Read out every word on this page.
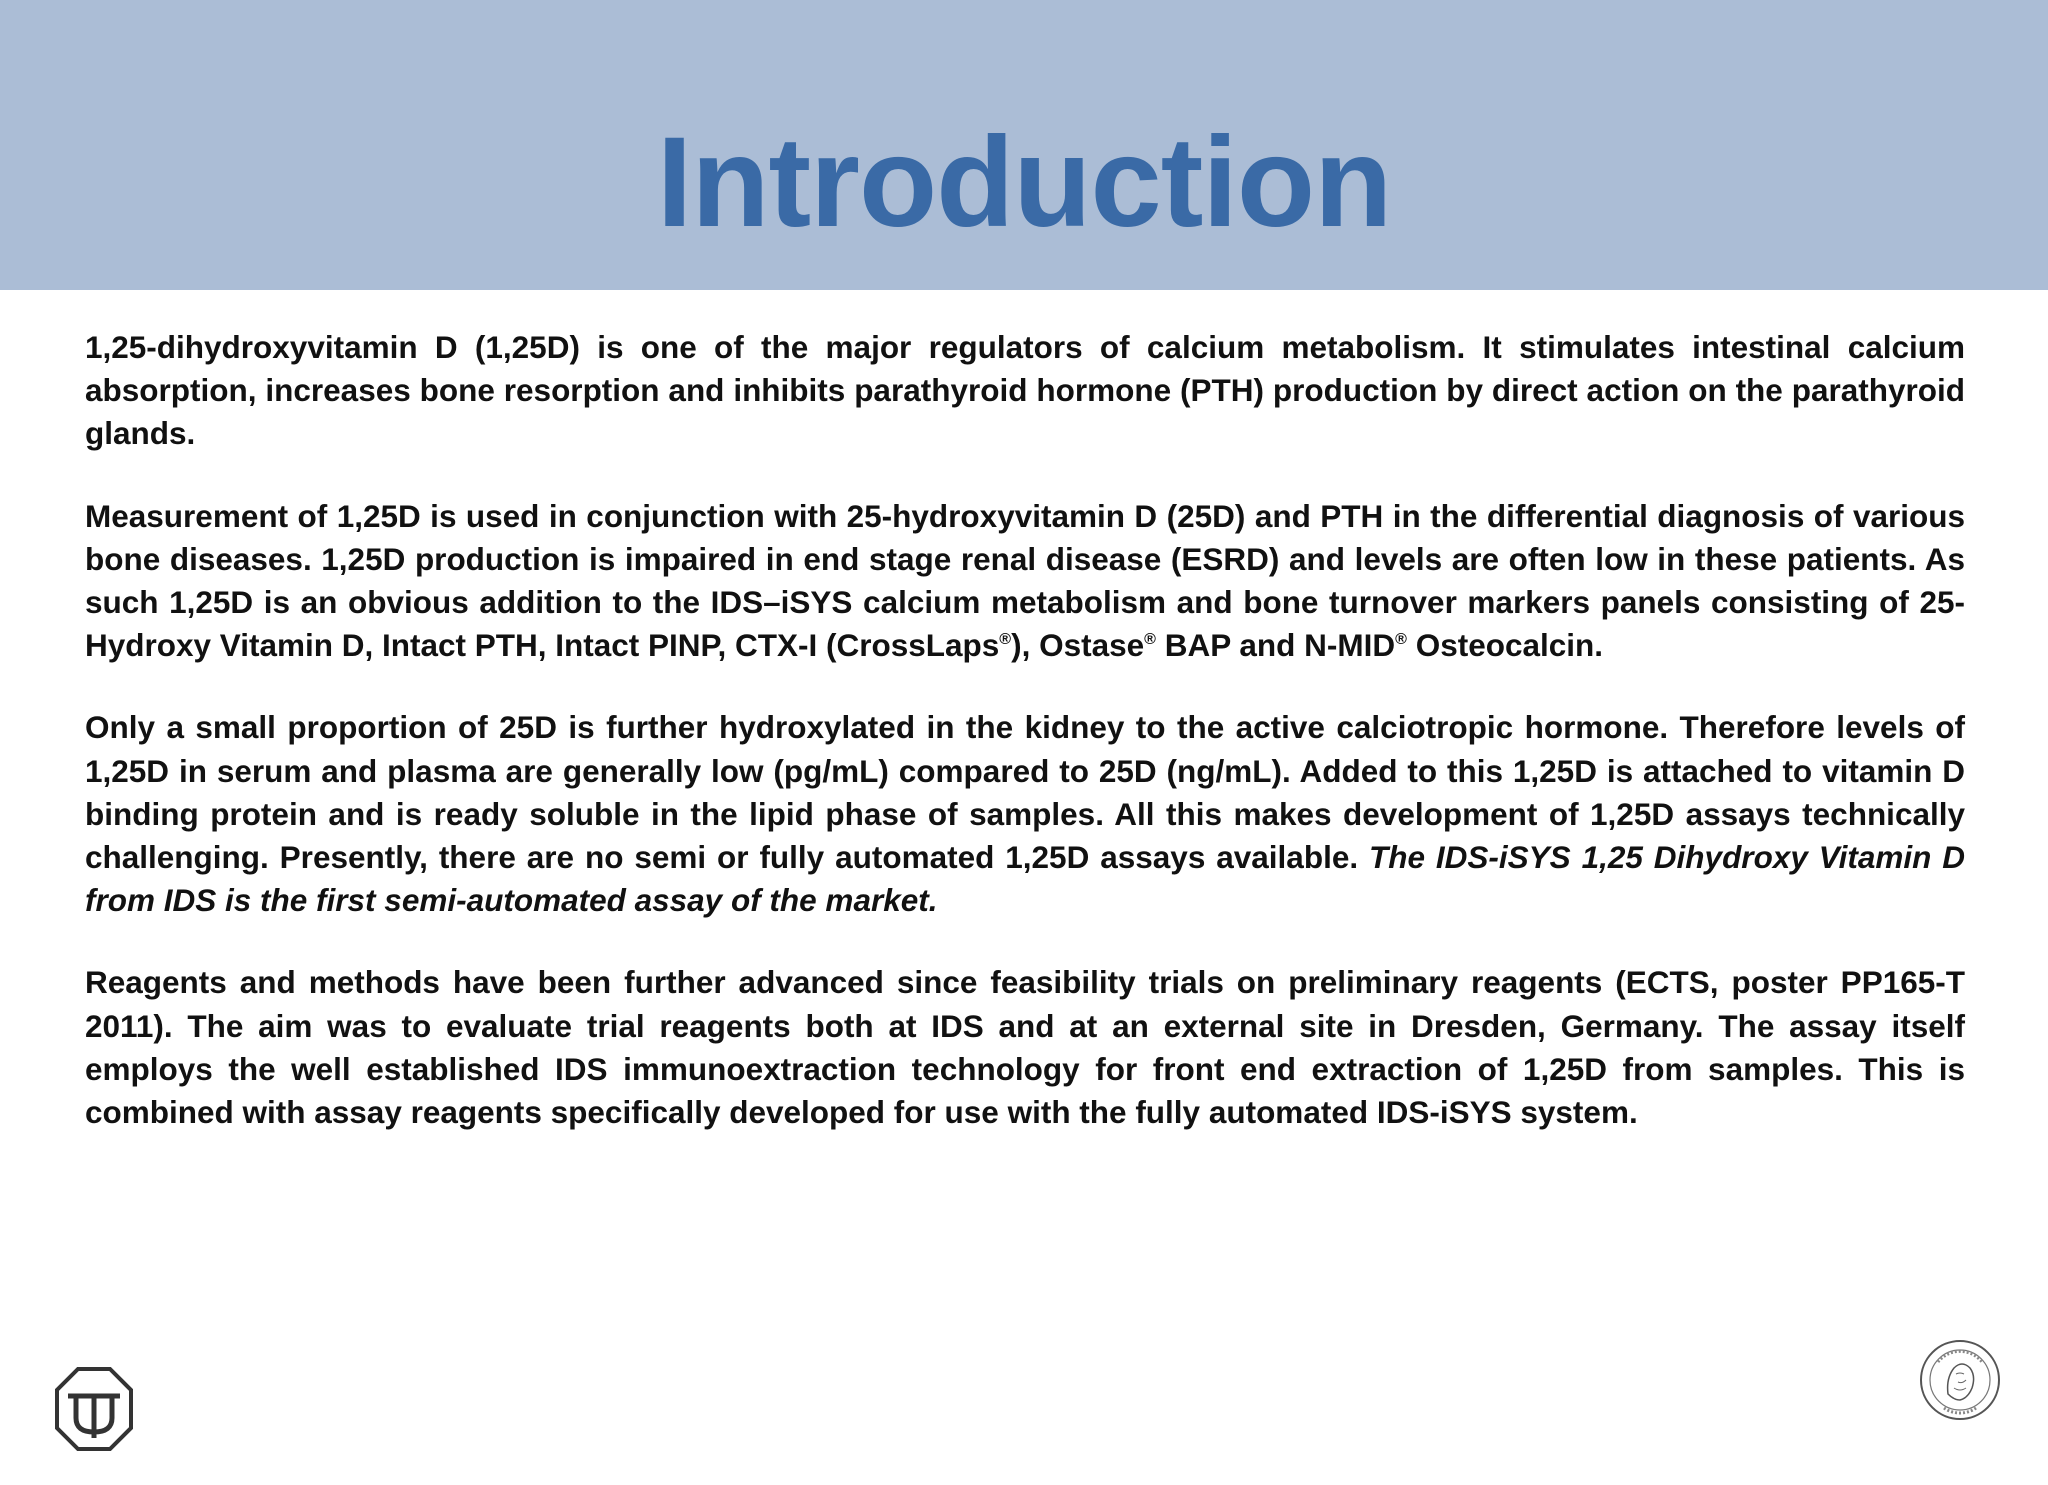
Introduction

1,25-dihydroxyvitamin D (1,25D) is one of the major regulators of calcium metabolism. It stimulates intestinal calcium absorption, increases bone resorption and inhibits parathyroid hormone (PTH) production by direct action on the parathyroid glands.

Measurement of 1,25D is used in conjunction with 25-hydroxyvitamin D (25D) and PTH in the differential diagnosis of various bone diseases. 1,25D production is impaired in end stage renal disease (ESRD) and levels are often low in these patients. As such 1,25D is an obvious addition to the IDS–iSYS calcium metabolism and bone turnover markers panels consisting of 25-Hydroxy Vitamin D, Intact PTH, Intact PINP, CTX-I (CrossLaps®), Ostase® BAP and N-MID® Osteocalcin.

Only a small proportion of 25D is further hydroxylated in the kidney to the active calciotropic hormone. Therefore levels of 1,25D in serum and plasma are generally low (pg/mL) compared to 25D (ng/mL). Added to this 1,25D is attached to vitamin D binding protein and is ready soluble in the lipid phase of samples. All this makes development of 1,25D assays technically challenging. Presently, there are no semi or fully automated 1,25D assays available. The IDS-iSYS 1,25 Dihydroxy Vitamin D from IDS is the first semi-automated assay of the market.

Reagents and methods have been further advanced since feasibility trials on preliminary reagents (ECTS, poster PP165-T 2011). The aim was to evaluate trial reagents both at IDS and at an external site in Dresden, Germany. The assay itself employs the well established IDS immunoextraction technology for front end extraction of 1,25D from samples. This is combined with assay reagents specifically developed for use with the fully automated IDS-iSYS system.
